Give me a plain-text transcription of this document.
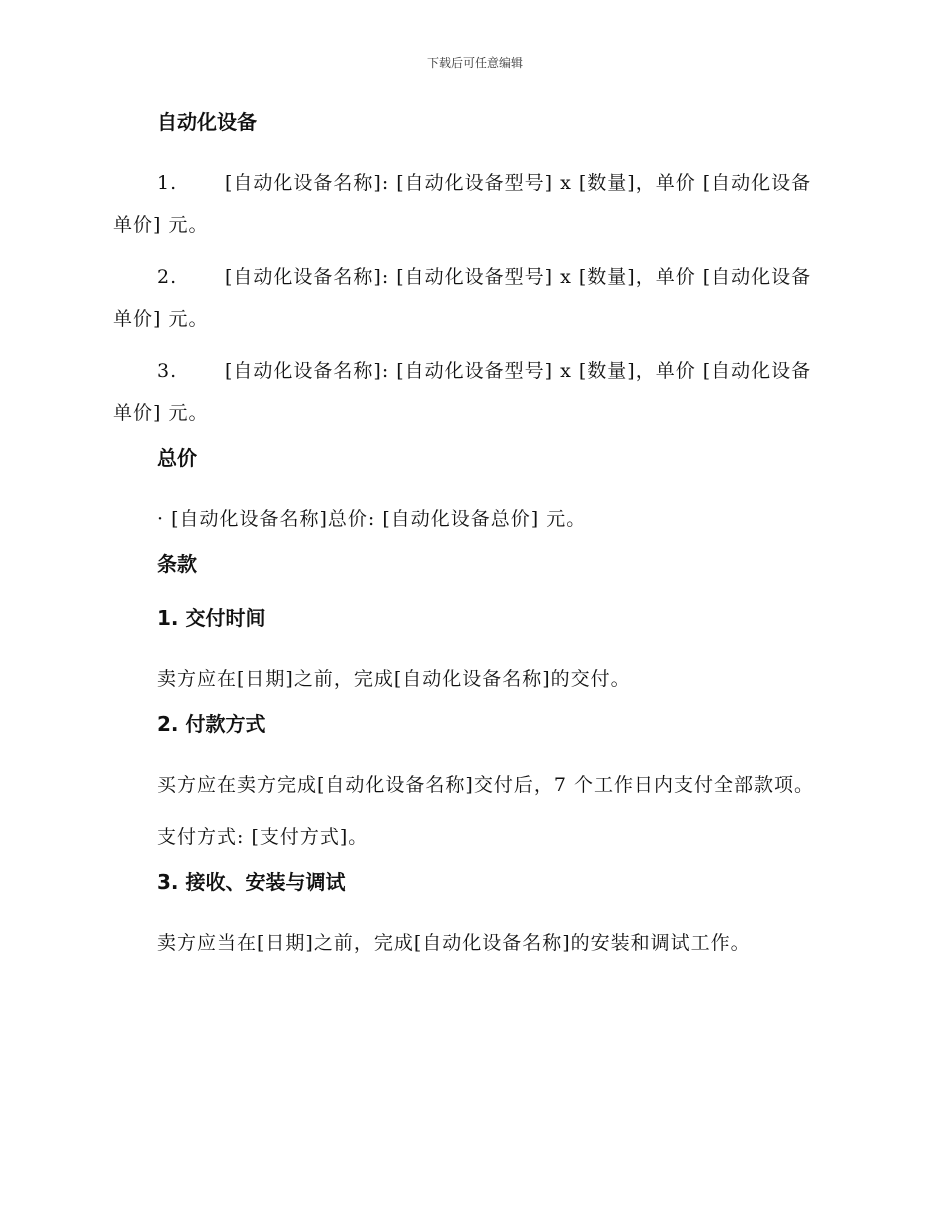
下载后可任意编辑
自动化设备

1.	[自动化设备名称]: [自动化设备型号] x [数量]，单价 [自动化设备单价] 元。

2.	[自动化设备名称]: [自动化设备型号] x [数量]，单价 [自动化设备单价] 元。

3.	[自动化设备名称]: [自动化设备型号] x [数量]，单价 [自动化设备单价] 元。

总价

· [自动化设备名称]总价: [自动化设备总价] 元。

条款
1. 交付时间

卖方应在[日期]之前，完成[自动化设备名称]的交付。

2. 付款方式

买方应在卖方完成[自动化设备名称]交付后，7 个工作日内支付全部款项。

支付方式: [支付方式]。

3. 接收、安装与调试

卖方应当在[日期]之前，完成[自动化设备名称]的安装和调试工作。
